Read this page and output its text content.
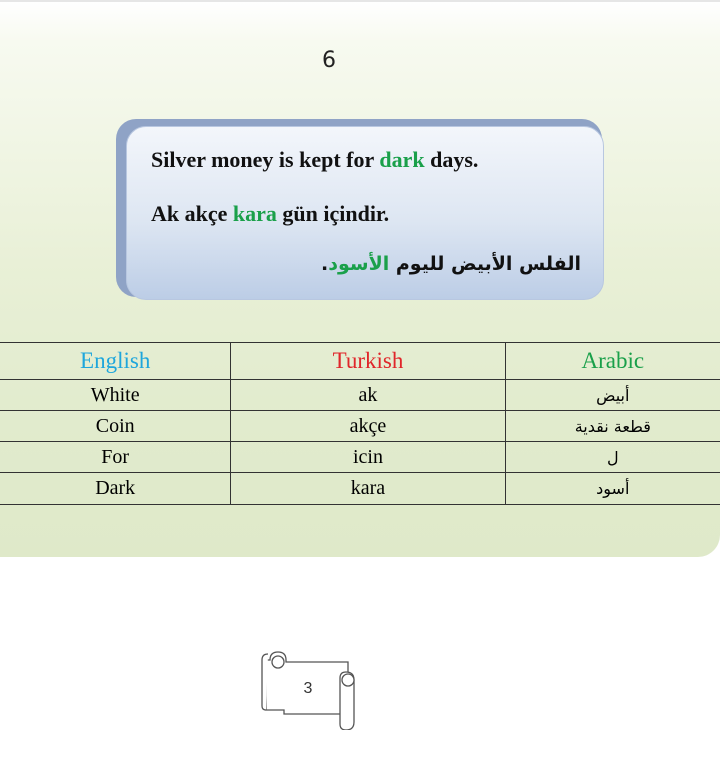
6
Silver money is kept for dark days.
Ak akçe kara gün içindir.
الفلس الأبيض لليوم الأسود.
English	Turkish	Arabic
White	ak	أبيض
Coin	akçe	قطعة نقدية
For	icin	ل
Dark	kara	أسود
3
